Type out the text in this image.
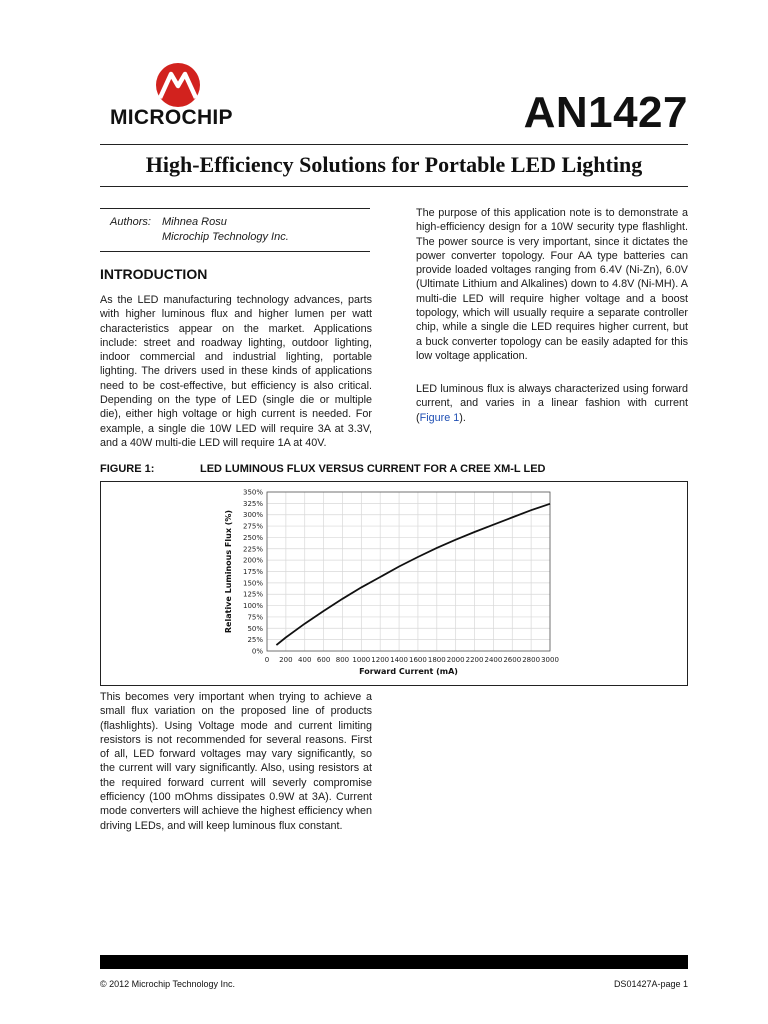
MICROCHIP	AN1427
High-Efficiency Solutions for Portable LED Lighting
Authors: Mihnea Rosu
Microchip Technology Inc.
INTRODUCTION
As the LED manufacturing technology advances, parts with higher luminous flux and higher lumen per watt characteristics appear on the market. Applications include: street and roadway lighting, outdoor lighting, indoor commercial and industrial lighting, portable lighting. The drivers used in these kinds of applications need to be cost-effective, but efficiency is also critical. Depending on the type of LED (single die or multiple die), either high voltage or high current is needed. For example, a single die 10W LED will require 3A at 3.3V, and a 40W multi-die LED will require 1A at 40V.
The purpose of this application note is to demonstrate a high-efficiency design for a 10W security type flashlight. The power source is very important, since it dictates the power converter topology. Four AA type batteries can provide loaded voltages ranging from 6.4V (Ni-Zn), 6.0V (Ultimate Lithium and Alkalines) down to 4.8V (Ni-MH). A multi-die LED will require higher voltage and a boost topology, which will usually require a separate controller chip, while a single die LED requires higher current, but a buck converter topology can be easily adapted for this low voltage application.
LED luminous flux is always characterized using forward current, and varies in a linear fashion with current (Figure 1).
FIGURE 1:	LED LUMINOUS FLUX VERSUS CURRENT FOR A CREE XM-L LED
0%
25%
50%
75%
100%
125%
150%
175%
200%
225%
250%
275%
300%
325%
350%
0 200 400 600 800 1000 1200 1400 1600 1800 2000 2200 2400 2600 2800 3000
Forward Current (mA)
Relative Luminous Flux (%)
This becomes very important when trying to achieve a small flux variation on the proposed line of products (flashlights). Using Voltage mode and current limiting resistors is not recommended for several reasons. First of all, LED forward voltages may vary significantly, so the current will vary significantly. Also, using resistors at the required forward current will severly compromise efficiency (100 mOhms dissipates 0.9W at 3A). Current mode converters will achieve the highest efficiency when driving LEDs, and will keep luminous flux constant.
© 2012 Microchip Technology Inc.	DS01427A-page 1
